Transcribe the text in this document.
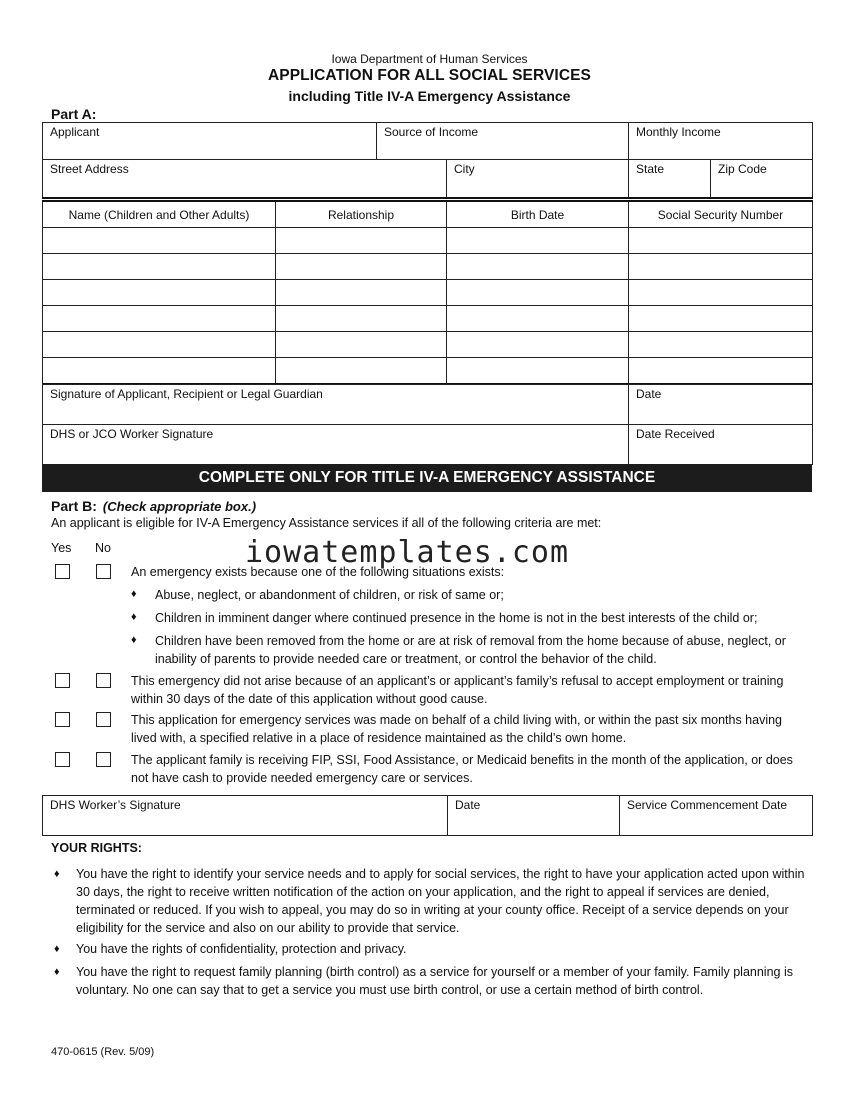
Iowa Department of Human Services
APPLICATION FOR ALL SOCIAL SERVICES
including Title IV-A Emergency Assistance
Part A:
Applicant	Source of Income		Monthly Income	

Street Address		City	State	Zip Code
Name (Children and Other Adults)	Relationship	Birth Date	Social Security Number

Signature of Applicant, Recipient or Legal Guardian	Date

DHS or JCO Worker Signature	Date Received
COMPLETE ONLY FOR TITLE IV-A EMERGENCY ASSISTANCE
Part B: (Check appropriate box.)
An applicant is eligible for IV-A Emergency Assistance services if all of the following criteria are met:
Yes No	iowatemplates.com
An emergency exists because one of the following situations exists:
♦ Abuse, neglect, or abandonment of children, or risk of same or;
♦ Children in imminent danger where continued presence in the home is not in the best interests of the child or;
♦ Children have been removed from the home or are at risk of removal from the home because of abuse, neglect, or inability of parents to provide needed care or treatment, or control the behavior of the child.
This emergency did not arise because of an applicant’s or applicant’s family’s refusal to accept employment or training within 30 days of the date of this application without good cause.
This application for emergency services was made on behalf of a child living with, or within the past six months having lived with, a specified relative in a place of residence maintained as the child’s own home.
The applicant family is receiving FIP, SSI, Food Assistance, or Medicaid benefits in the month of the application, or does not have cash to provide needed emergency care or services.
DHS Worker’s Signature	Date	Service Commencement Date
YOUR RIGHTS:
♦ You have the right to identify your service needs and to apply for social services, the right to have your application acted upon within 30 days, the right to receive written notification of the action on your application, and the right to appeal if services are denied, terminated or reduced. If you wish to appeal, you may do so in writing at your county office. Receipt of a service depends on your eligibility for the service and also on our ability to provide that service.
♦ You have the rights of confidentiality, protection and privacy.
♦ You have the right to request family planning (birth control) as a service for yourself or a member of your family. Family planning is voluntary. No one can say that to get a service you must use birth control, or use a certain method of birth control.
470-0615 (Rev. 5/09)
